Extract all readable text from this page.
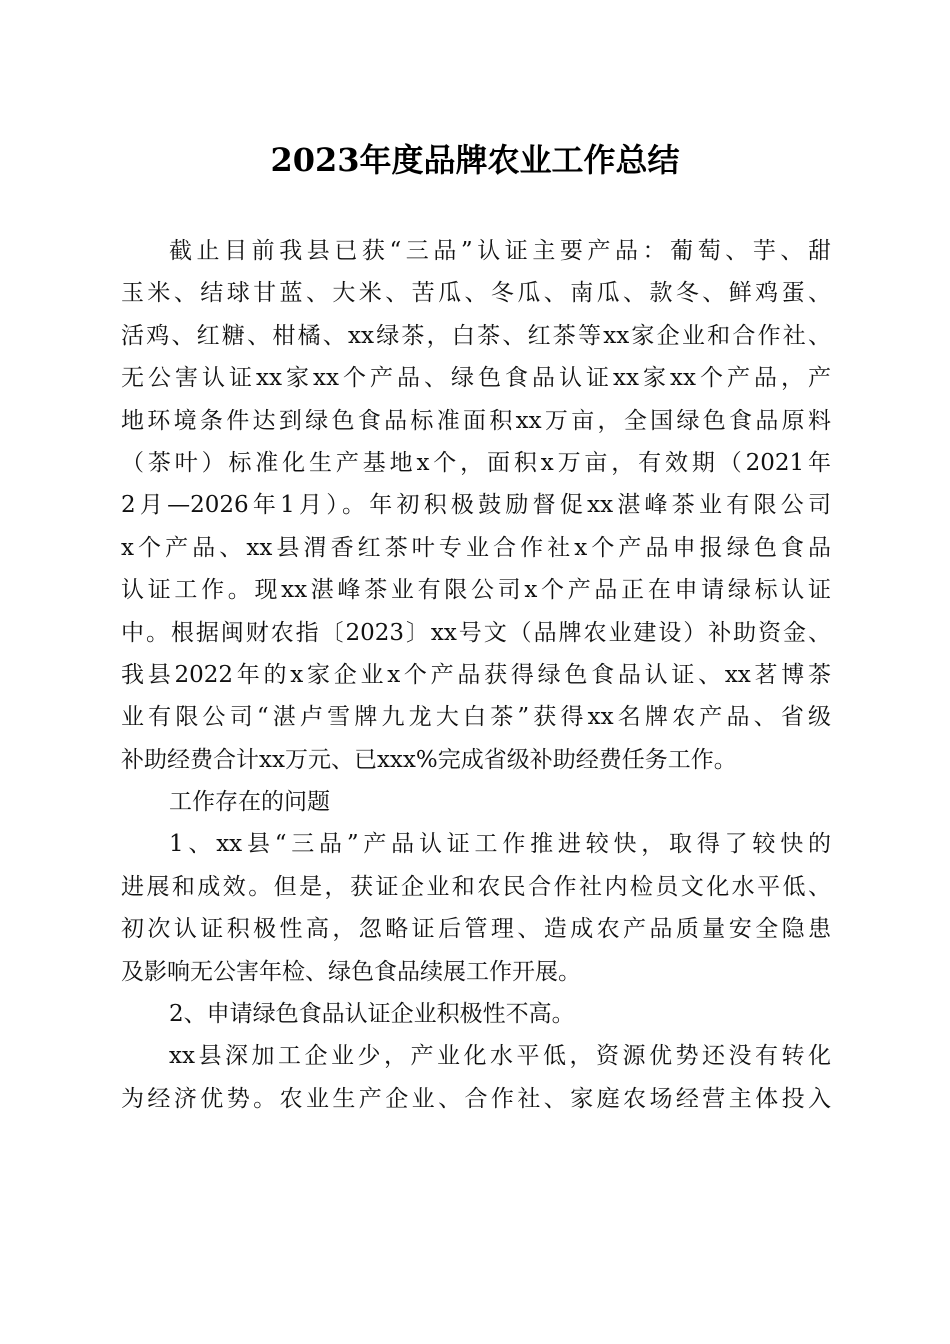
2023年度品牌农业工作总结
截止目前我县已获“三品”认证主要产品：葡萄、芋、甜
玉米、结球甘蓝、大米、苦瓜、冬瓜、南瓜、款冬、鲜鸡蛋、
活鸡、红糖、柑橘、xx绿茶，白茶、红茶等xx家企业和合作社、
无公害认证xx家xx个产品、绿色食品认证xx家xx个产品，产
地环境条件达到绿色食品标准面积xx万亩，全国绿色食品原料
（茶叶）标准化生产基地x个，面积x万亩，有效期（2021年
2月—2026年1月）。年初积极鼓励督促xx湛峰茶业有限公司
x个产品、xx县渭香红茶叶专业合作社x个产品申报绿色食品
认证工作。现xx湛峰茶业有限公司x个产品正在申请绿标认证
中。根据闽财农指〔2023〕xx号文（品牌农业建设）补助资金、
我县2022年的x家企业x个产品获得绿色食品认证、xx茗博茶
业有限公司“湛卢雪牌九龙大白茶”获得xx名牌农产品、省级
补助经费合计xx万元、已xxx%完成省级补助经费任务工作。
工作存在的问题
1、xx县“三品”产品认证工作推进较快，取得了较快的
进展和成效。但是，获证企业和农民合作社内检员文化水平低、
初次认证积极性高，忽略证后管理、造成农产品质量安全隐患
及影响无公害年检、绿色食品续展工作开展。
2、申请绿色食品认证企业积极性不高。
xx县深加工企业少，产业化水平低，资源优势还没有转化
为经济优势。农业生产企业、合作社、家庭农场经营主体投入
